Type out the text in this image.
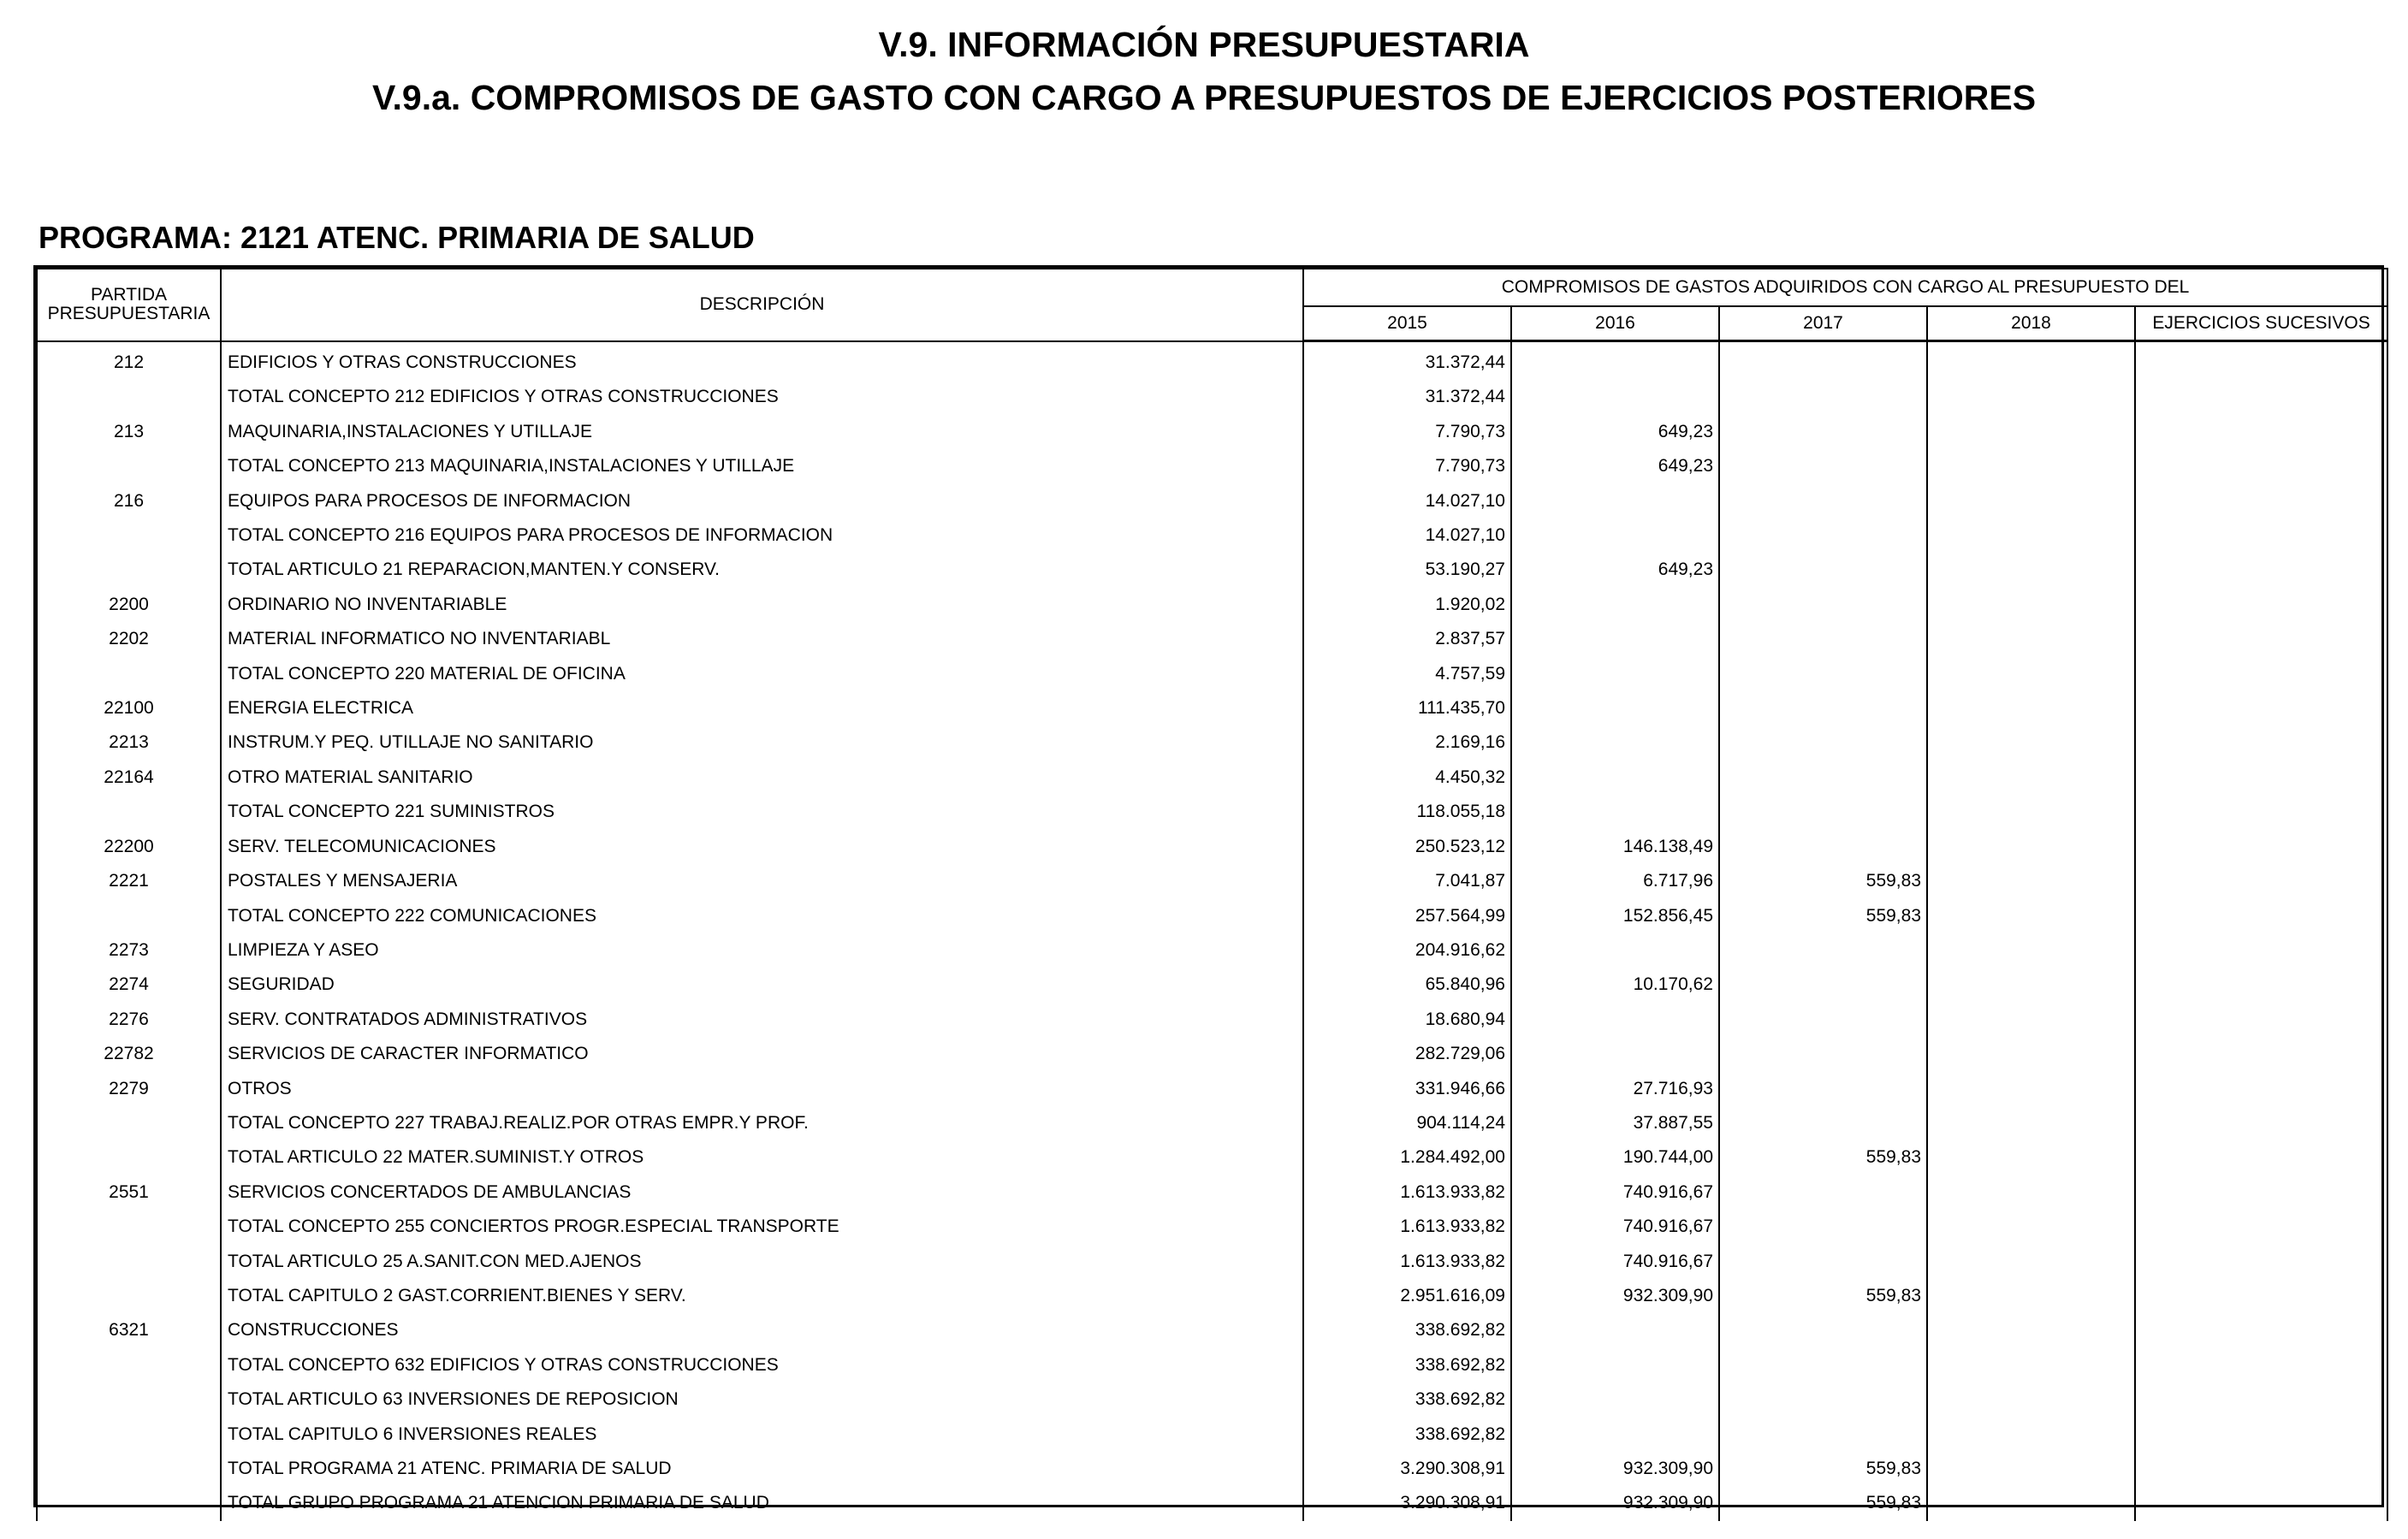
V.9. INFORMACIÓN PRESUPUESTARIA
V.9.a. COMPROMISOS DE GASTO CON CARGO A PRESUPUESTOS DE EJERCICIOS POSTERIORES
PROGRAMA: 2121 ATENC. PRIMARIA DE SALUD
PARTIDA PRESUPUESTARIA	DESCRIPCIÓN	COMPROMISOS DE GASTOS ADQUIRIDOS CON CARGO AL PRESUPUESTO DEL				
		2015	2016	2017	2018	EJERCICIOS SUCESIVOS
212	EDIFICIOS Y OTRAS CONSTRUCCIONES	31.372,44				
	TOTAL CONCEPTO 212 EDIFICIOS Y OTRAS CONSTRUCCIONES	31.372,44				
213	MAQUINARIA,INSTALACIONES Y UTILLAJE	7.790,73	649,23			
	TOTAL CONCEPTO 213 MAQUINARIA,INSTALACIONES Y UTILLAJE	7.790,73	649,23			
216	EQUIPOS PARA PROCESOS DE INFORMACION	14.027,10				
	TOTAL CONCEPTO 216 EQUIPOS PARA PROCESOS DE INFORMACION	14.027,10				
	TOTAL ARTICULO 21 REPARACION,MANTEN.Y CONSERV.	53.190,27	649,23			
2200	ORDINARIO NO INVENTARIABLE	1.920,02				
2202	MATERIAL INFORMATICO NO INVENTARIABL	2.837,57				
	TOTAL CONCEPTO 220 MATERIAL DE OFICINA	4.757,59				
22100	ENERGIA ELECTRICA	111.435,70				
2213	INSTRUM.Y PEQ. UTILLAJE NO SANITARIO	2.169,16				
22164	OTRO MATERIAL SANITARIO	4.450,32				
	TOTAL CONCEPTO 221 SUMINISTROS	118.055,18				
22200	SERV. TELECOMUNICACIONES	250.523,12	146.138,49			
2221	POSTALES Y MENSAJERIA	7.041,87	6.717,96	559,83		
	TOTAL CONCEPTO 222 COMUNICACIONES	257.564,99	152.856,45	559,83		
2273	LIMPIEZA Y ASEO	204.916,62				
2274	SEGURIDAD	65.840,96	10.170,62			
2276	SERV. CONTRATADOS ADMINISTRATIVOS	18.680,94				
22782	SERVICIOS DE CARACTER INFORMATICO	282.729,06				
2279	OTROS	331.946,66	27.716,93			
	TOTAL CONCEPTO 227 TRABAJ.REALIZ.POR OTRAS EMPR.Y PROF.	904.114,24	37.887,55			
	TOTAL ARTICULO 22 MATER.SUMINIST.Y OTROS	1.284.492,00	190.744,00	559,83		
2551	SERVICIOS CONCERTADOS DE AMBULANCIAS	1.613.933,82	740.916,67			
	TOTAL CONCEPTO 255 CONCIERTOS PROGR.ESPECIAL TRANSPORTE	1.613.933,82	740.916,67			
	TOTAL ARTICULO 25 A.SANIT.CON MED.AJENOS	1.613.933,82	740.916,67			
	TOTAL CAPITULO 2 GAST.CORRIENT.BIENES Y SERV.	2.951.616,09	932.309,90	559,83		
6321	CONSTRUCCIONES	338.692,82				
	TOTAL CONCEPTO 632 EDIFICIOS Y OTRAS CONSTRUCCIONES	338.692,82				
	TOTAL ARTICULO 63 INVERSIONES DE REPOSICION	338.692,82				
	TOTAL CAPITULO 6 INVERSIONES REALES	338.692,82				
	TOTAL PROGRAMA 21 ATENC. PRIMARIA DE SALUD	3.290.308,91	932.309,90	559,83		
	TOTAL GRUPO PROGRAMA 21 ATENCION PRIMARIA DE SALUD	3.290.308,91	932.309,90	559,83		
